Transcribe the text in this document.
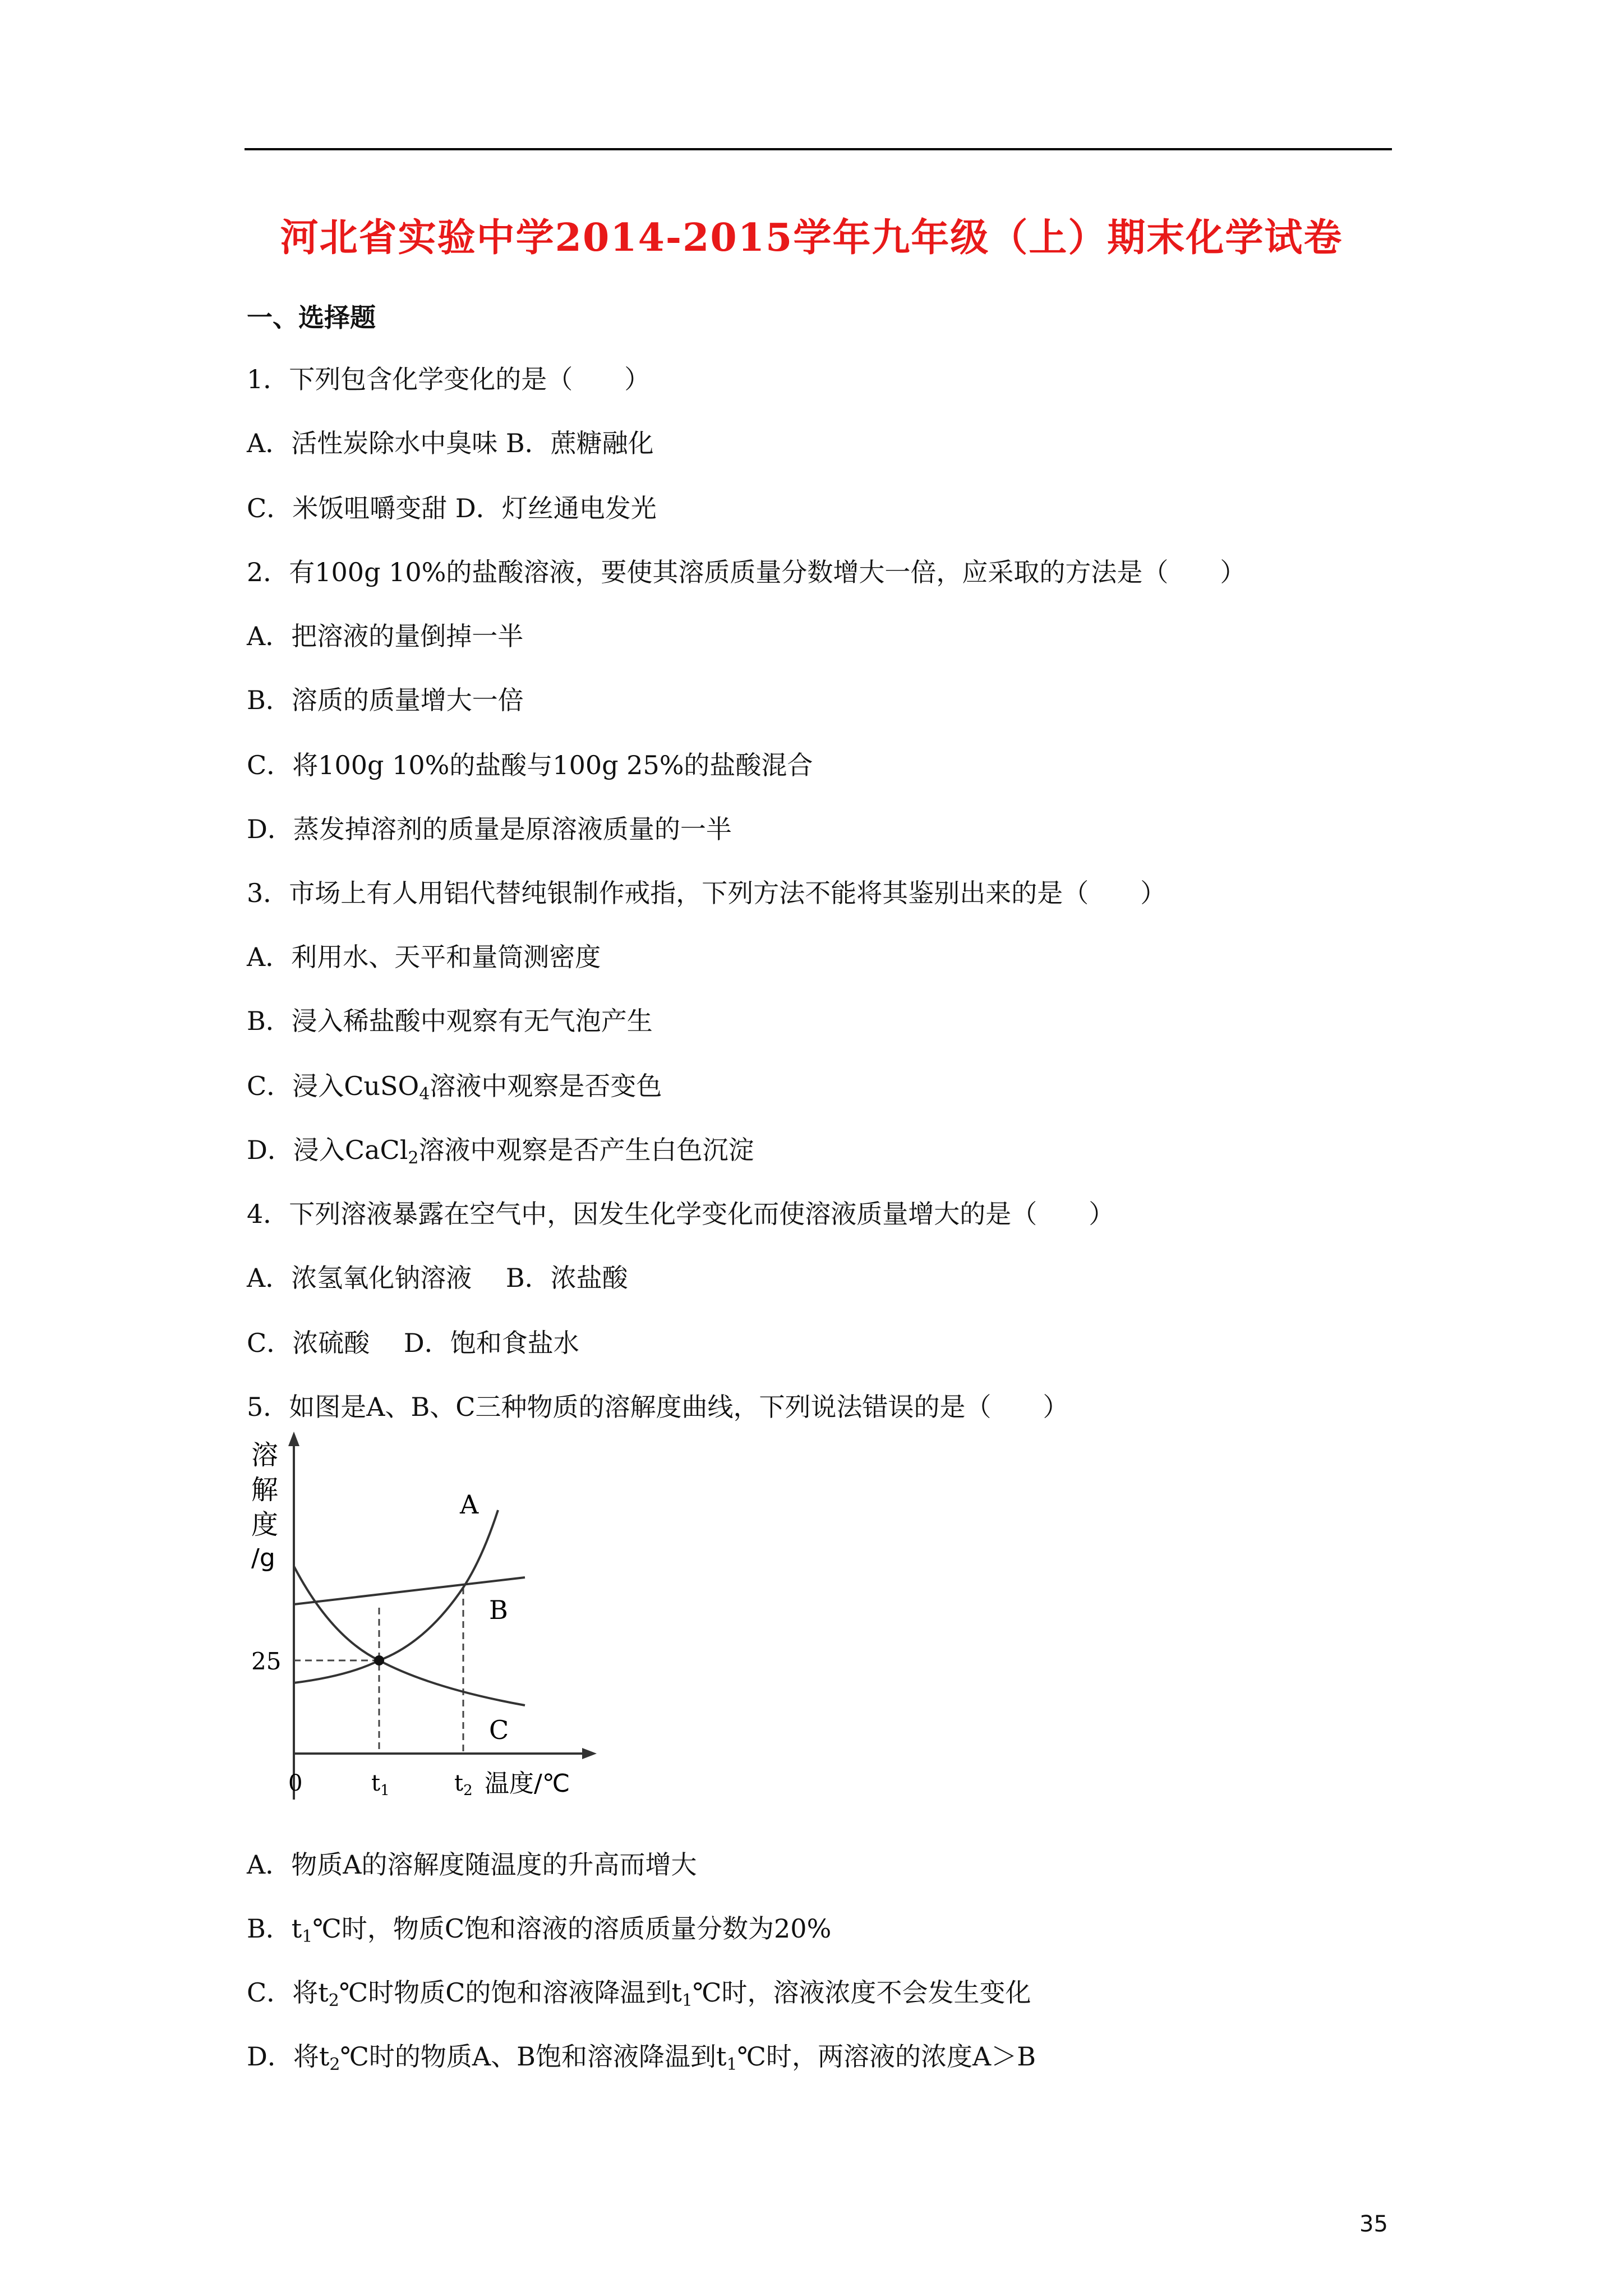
河北省实验中学2014-2015学年九年级（上）期末化学试卷
一、选择题
1．下列包含化学变化的是（　　）
A．活性炭除水中臭味 B．蔗糖融化
C．米饭咀嚼变甜 D．灯丝通电发光
2．有100g 10%的盐酸溶液，要使其溶质质量分数增大一倍，应采取的方法是（　　）
A．把溶液的量倒掉一半
B．溶质的质量增大一倍
C．将100g 10%的盐酸与100g 25%的盐酸混合
D．蒸发掉溶剂的质量是原溶液质量的一半
3．市场上有人用铝代替纯银制作戒指，下列方法不能将其鉴别出来的是（　　）
A．利用水、天平和量筒测密度
B．浸入稀盐酸中观察有无气泡产生
C．浸入CuSO$_4$溶液中观察是否变色
D．浸入CaCl$_2$溶液中观察是否产生白色沉淀
4．下列溶液暴露在空气中，因发生化学变化而使溶液质量增大的是（　　）
A．浓氢氧化钠溶液　 B．浓盐酸
C．浓硫酸　 D．饱和食盐水
5．如图是A、B、C三种物质的溶解度曲线，下列说法错误的是（　　）
溶
解
度
/g
25
A
B
C
0	$t_1$	$t_2$ 温度/℃
A．物质A的溶解度随温度的升高而增大
B．$t_1℃$时，物质C饱和溶液的溶质质量分数为20%
C．将$t_2℃$时物质C的饱和溶液降温到$t_1℃$时，溶液浓度不会发生变化
D．将$t_2℃$时的物质A、B饱和溶液降温到$t_1℃$时，两溶液的浓度A＞B
35
